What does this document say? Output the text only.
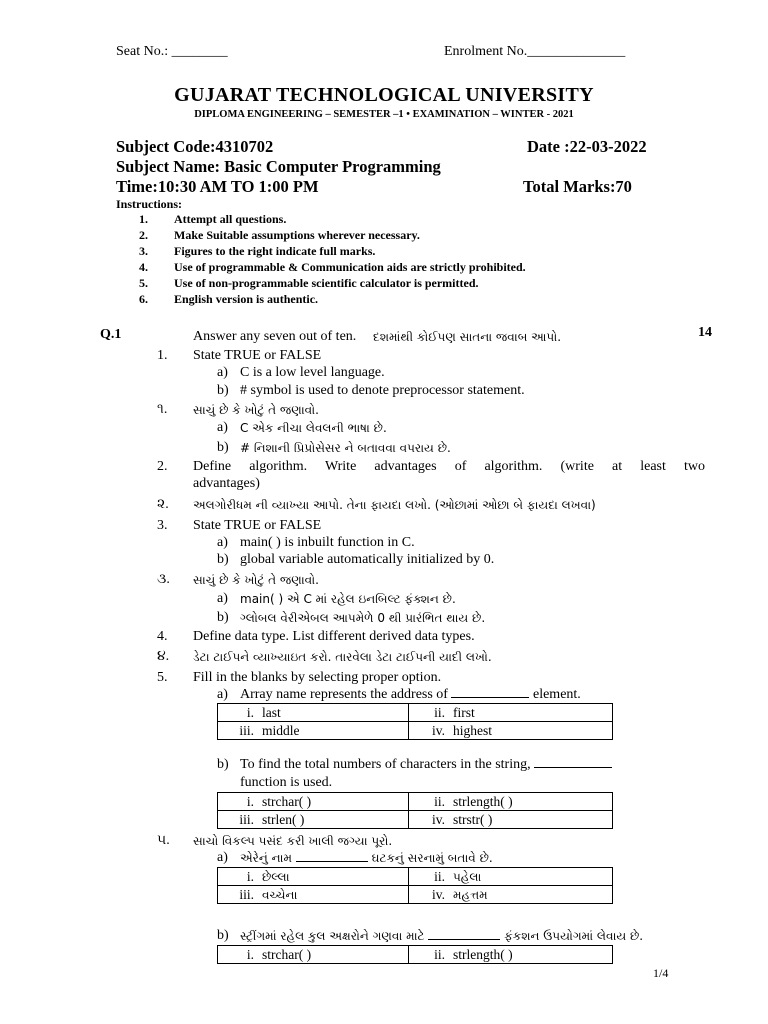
Seat No.: ________	Enrolment No.______________
GUJARAT TECHNOLOGICAL UNIVERSITY
DIPLOMA ENGINEERING – SEMESTER –1 • EXAMINATION – WINTER - 2021
Subject Code:4310702	Date :22-03-2022
Subject Name: Basic Computer Programming
Time:10:30 AM TO 1:00 PM	Total Marks:70
Instructions:
1. Attempt all questions.
2. Make Suitable assumptions wherever necessary.
3. Figures to the right indicate full marks.
4. Use of programmable & Communication aids are strictly prohibited.
5. Use of non-programmable scientific calculator is permitted.
6. English version is authentic.
Q.1	14
Answer any seven out of ten. દશમાંથી કોઈપણ સાતના જવાબ આપો.
1. State TRUE or FALSE
a) C is a low level language.
b) # symbol is used to denote preprocessor statement.
૧. સાચું છે કે ખોટું તે જણાવો.
a) C એક નીચા લેવલની ભાષા છે.
b) # નિશાની પ્રિપ્રોસેસર ને બતાવવા વપરાય છે.
2. Define algorithm. Write advantages of algorithm. (write at least two
advantages)
૨. અલગોરીધમ ની વ્યાખ્યા આપો. તેના ફાયદા લખો. (ઓછામાં ઓછા બે ફાયદા લખવા)
3. State TRUE or FALSE
a) main( ) is inbuilt function in C.
b) global variable automatically initialized by 0.
૩. સાચું છે કે ખોટું તે જણાવો.
a) main( ) એ C માં રહેલ ઇનબિલ્ટ ફંક્શન છે.
b) ગ્લોબલ વેરીએબલ આપમેળે 0 થી પ્રારંભિત થાય છે.
4. Define data type. List different derived data types.
૪. ડેટા ટાઈપને વ્યાખ્યાઇત કરો. તારવેલા ડેટા ટાઈપની યાદી લખો.
5. Fill in the blanks by selecting proper option.
a) Array name represents the address of	element.
i. last	ii. first
iii. middle	iv. highest
b) To find the total numbers of characters in the string,
function is used.
i. strchar( )	ii. strlength( )
iii. strlen( )	iv. strstr( )
૫. સાચો વિકલ્પ પસંદ કરી ખાલી જગ્યા પૂરો.
a) એરેનું નામ	ઘટકનું સરનામું બતાવે છે.
i. છેલ્લા	ii. પહેલા
iii. વચ્ચેના	iv. મહત્તમ
b) સ્ટ્રીંગમાં રહેલ કુલ અક્ષરોને ગણવા માટે	ફંકશન ઉપયોગમાં લેવાય છે.
i. strchar( )	ii. strlength( )
1/4
